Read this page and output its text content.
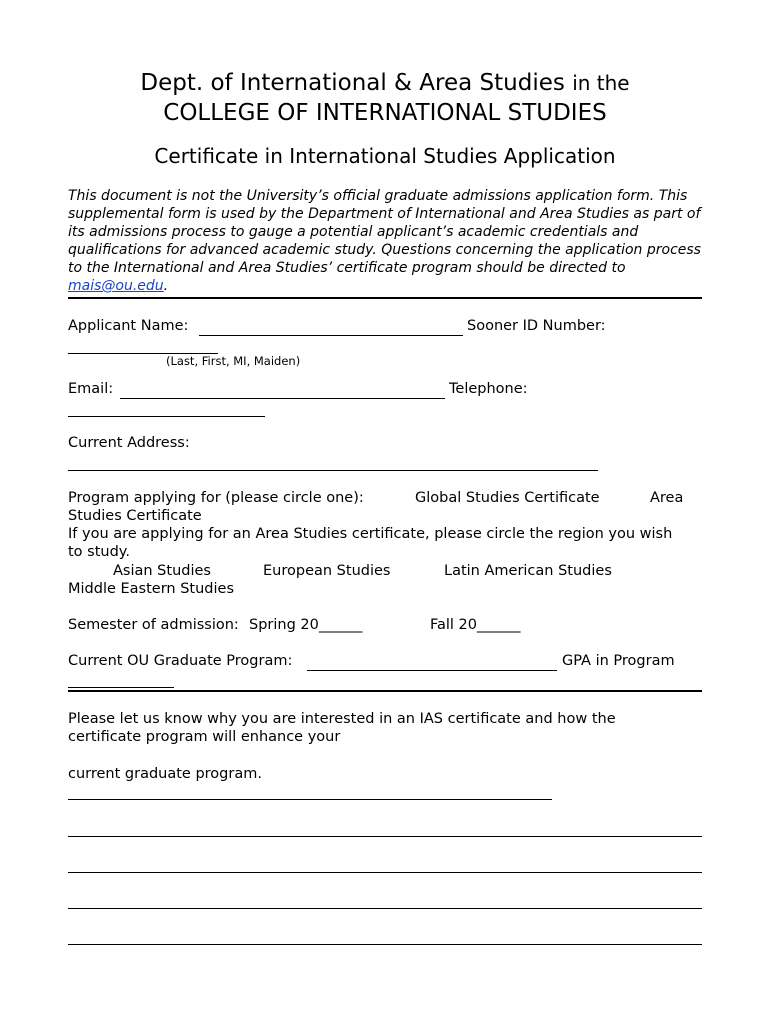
Dept. of International & Area Studies in the
COLLEGE OF INTERNATIONAL STUDIES
Certificate in International Studies Application
This document is not the University’s official graduate admissions application form. This supplemental form is used by the Department of International and Area Studies as part of its admissions process to gauge a potential applicant’s academic credentials and qualifications for advanced academic study. Questions concerning the application process to the International and Area Studies’ certificate program should be directed to mais@ou.edu.
Applicant Name:	Sooner ID Number:
(Last, First, MI, Maiden)
Email:	Telephone:
Current Address:
Program applying for (please circle one):	Global Studies Certificate	Area
Studies Certificate
If you are applying for an Area Studies certificate, please circle the region you wish
to study.
Asian Studies	European Studies	Latin American Studies
Middle Eastern Studies
Semester of admission: Spring 20______	Fall 20______
Current OU Graduate Program:	GPA in Program
Please let us know why you are interested in an IAS certificate and how the
certificate program will enhance your
current graduate program.
